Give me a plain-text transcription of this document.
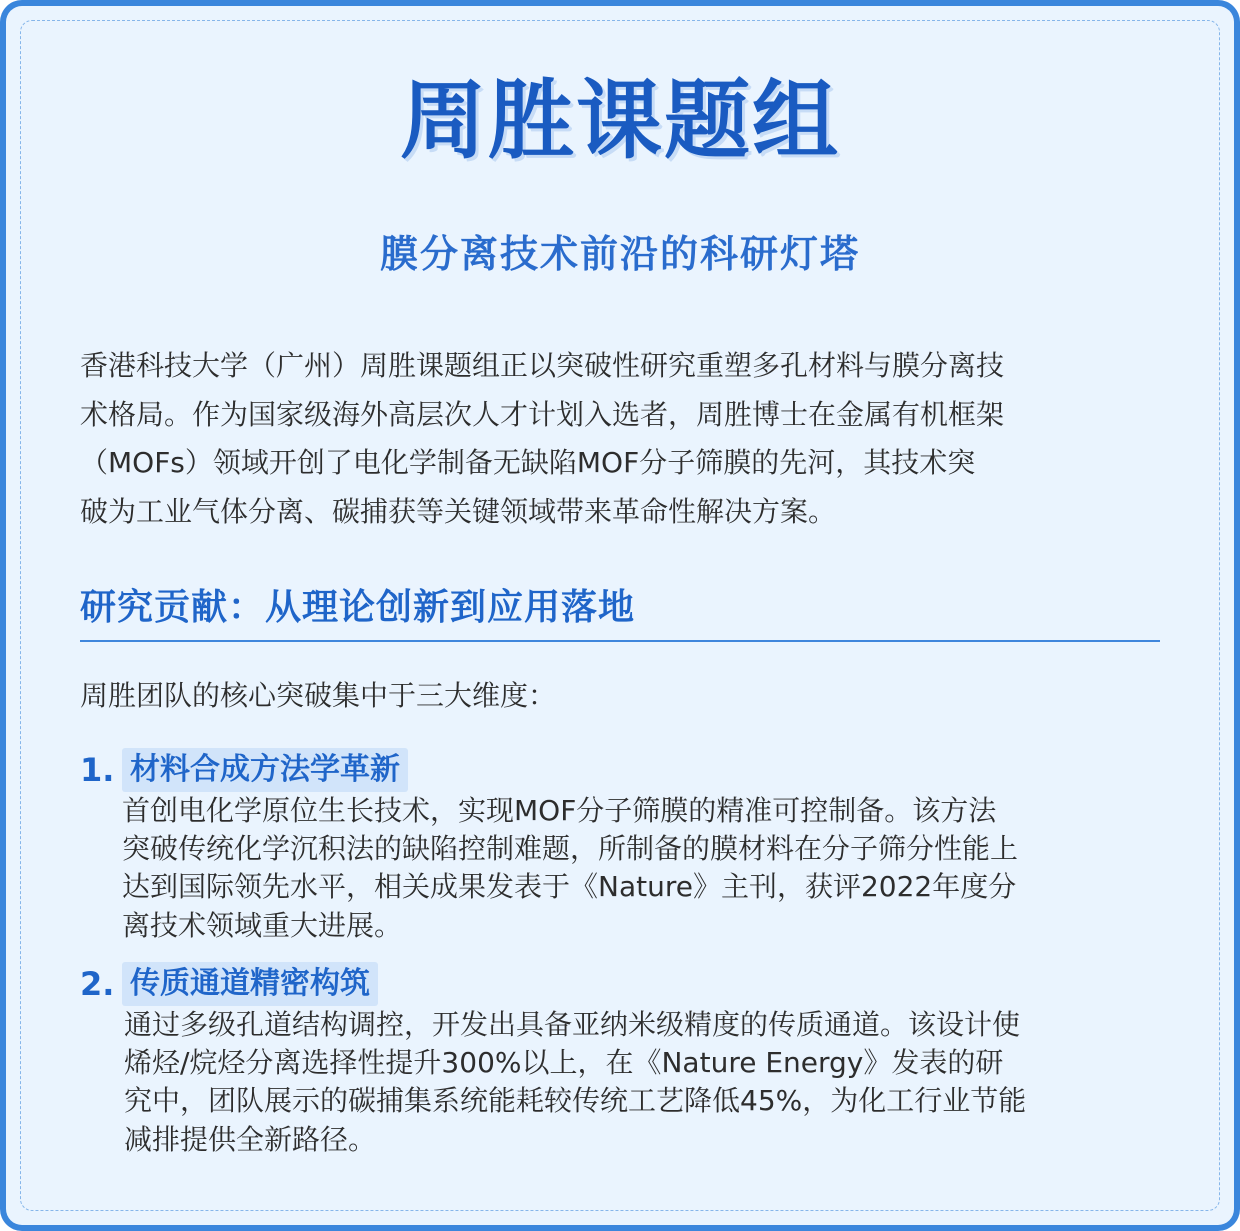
周胜课题组
膜分离技术前沿的科研灯塔

香港科技大学（广州）周胜课题组正以突破性研究重塑多孔材料与膜分离技
术格局。作为国家级海外高层次人才计划入选者，周胜博士在金属有机框架
（MOFs）领域开创了电化学制备无缺陷MOF分子筛膜的先河，其技术突
破为工业气体分离、碳捕获等关键领域带来革命性解决方案。

研究贡献：从理论创新到应用落地
周胜团队的核心突破集中于三大维度：
1. 材料合成方法学革新

首创电化学原位生长技术，实现MOF分子筛膜的精准可控制备。该方法
突破传统化学沉积法的缺陷控制难题，所制备的膜材料在分子筛分性能上
达到国际领先水平，相关成果发表于《Nature》主刊，获评2022年度分
离技术领域重大进展。

2. 传质通道精密构筑

通过多级孔道结构调控，开发出具备亚纳米级精度的传质通道。该设计使
烯烃/烷烃分离选择性提升300%以上，在《Nature Energy》发表的研
究中，团队展示的碳捕集系统能耗较传统工艺降低45%，为化工行业节能
减排提供全新路径。
